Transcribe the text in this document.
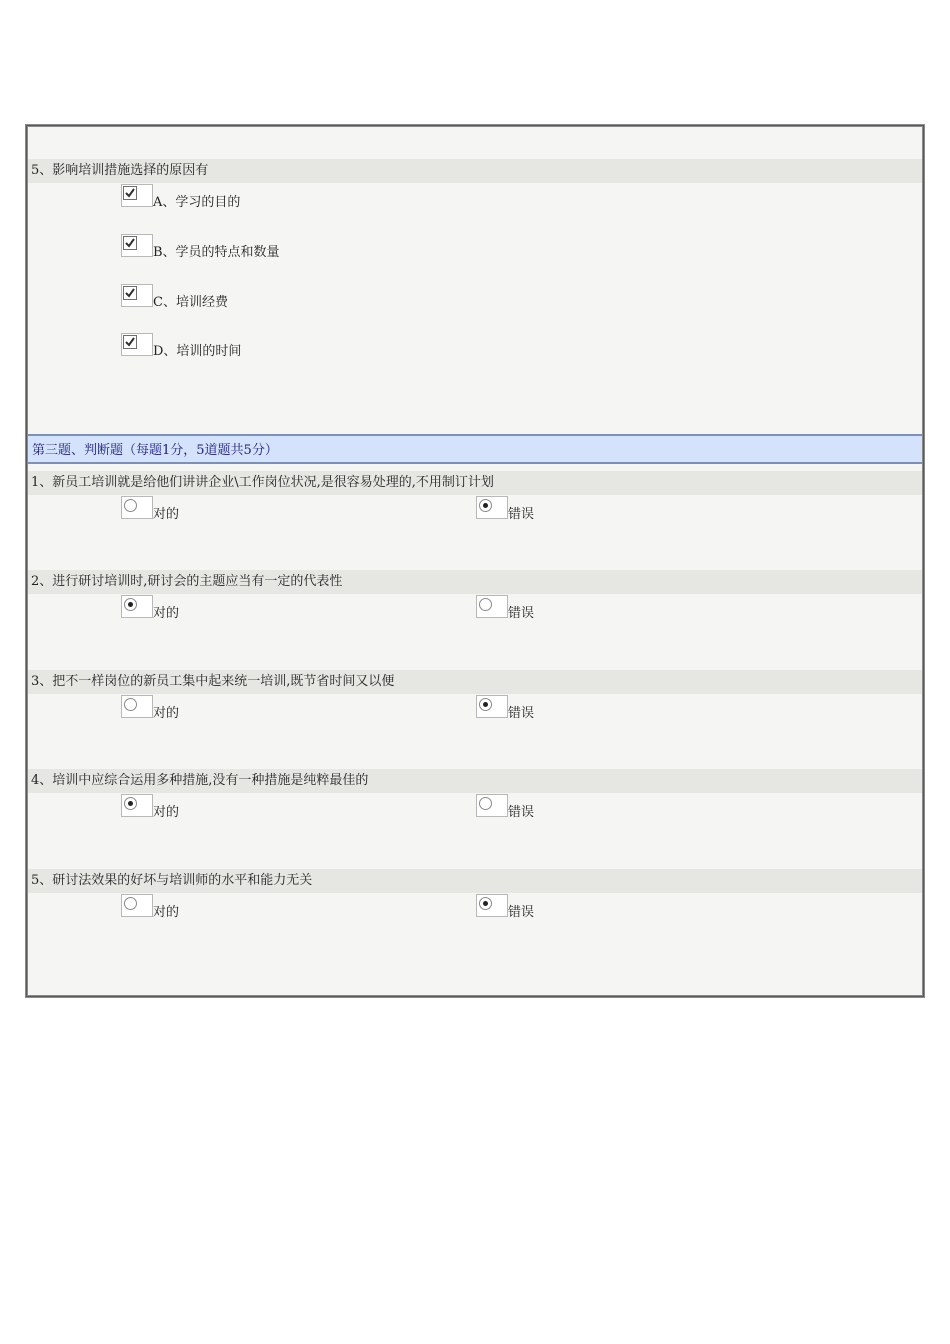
5、影响培训措施选择的原因有
A、学习的目的
B、学员的特点和数量
C、培训经费
D、培训的时间
第三题、判断题（每题1分，5道题共5分）
1、新员工培训就是给他们讲讲企业\工作岗位状况,是很容易处理的,不用制订计划
对的	错误
2、进行研讨培训时,研讨会的主题应当有一定的代表性
对的	错误
3、把不一样岗位的新员工集中起来统一培训,既节省时间又以便
对的	错误
4、培训中应综合运用多种措施,没有一种措施是纯粹最佳的
对的	错误
5、研讨法效果的好坏与培训师的水平和能力无关
对的	错误
